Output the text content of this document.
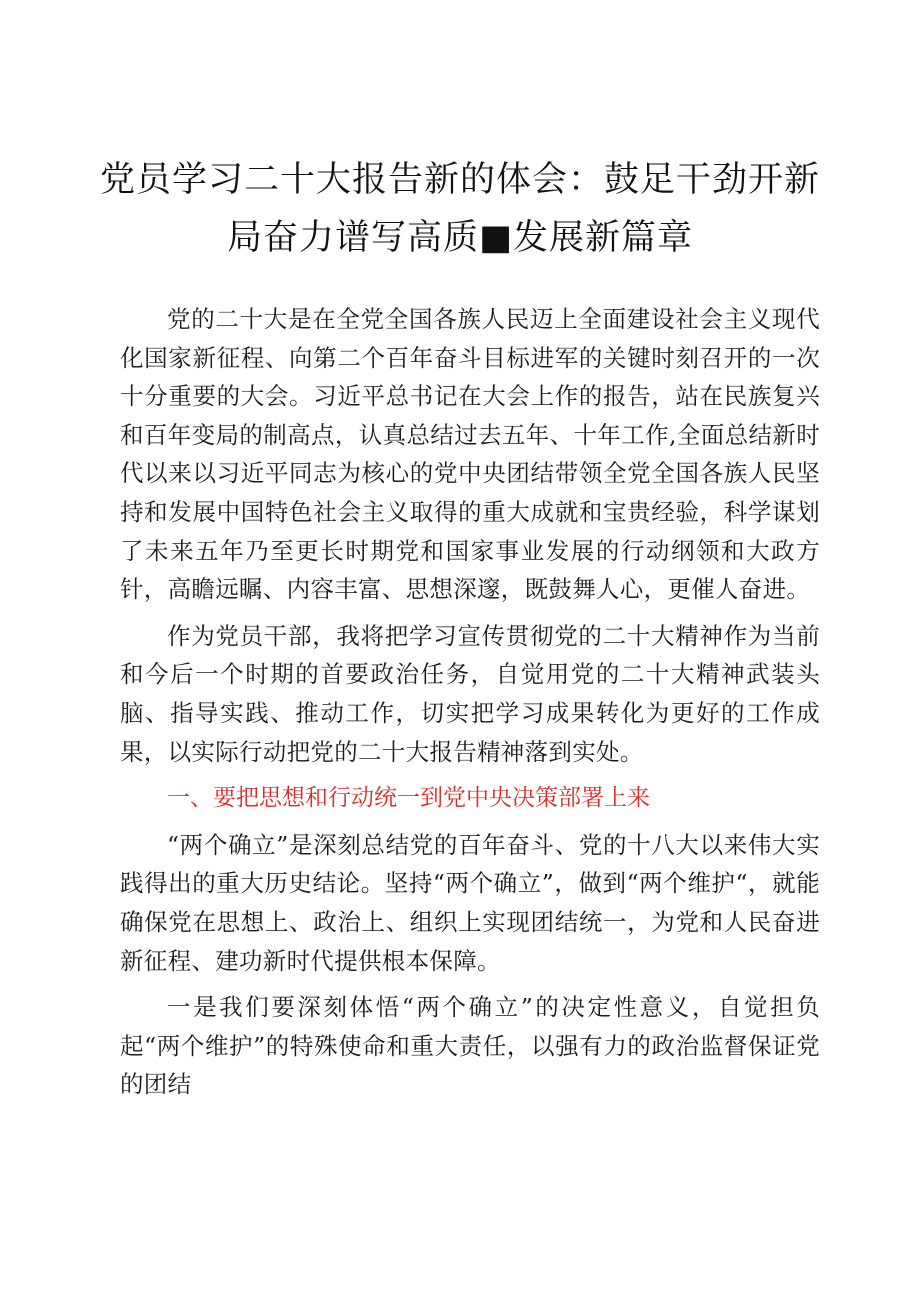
党员学习二十大报告新的体会：鼓足干劲开新
局奋力谱写高质■发展新篇章

党的二十大是在全党全国各族人民迈上全面建设社会主义现代化国家新征程、向第二个百年奋斗目标进军的关键时刻召开的一次十分重要的大会。习近平总书记在大会上作的报告，站在民族复兴和百年变局的制高点，认真总结过去五年、十年工作,全面总结新时代以来以习近平同志为核心的党中央团结带领全党全国各族人民坚持和发展中国特色社会主义取得的重大成就和宝贵经验，科学谋划了未来五年乃至更长时期党和国家事业发展的行动纲领和大政方针，高瞻远瞩、内容丰富、思想深邃，既鼓舞人心，更催人奋进。

作为党员干部，我将把学习宣传贯彻党的二十大精神作为当前和今后一个时期的首要政治任务，自觉用党的二十大精神武装头脑、指导实践、推动工作，切实把学习成果转化为更好的工作成果，以实际行动把党的二十大报告精神落到实处。

一、要把思想和行动统一到党中央决策部署上来

“两个确立”是深刻总结党的百年奋斗、党的十八大以来伟大实践得出的重大历史结论。坚持“两个确立”，做到“两个维护“，就能确保党在思想上、政治上、组织上实现团结统一，为党和人民奋进新征程、建功新时代提供根本保障。

一是我们要深刻体悟“两个确立”的决定性意义，自觉担负起“两个维护”的特殊使命和重大责任，以强有力的政治监督保证党的团结
